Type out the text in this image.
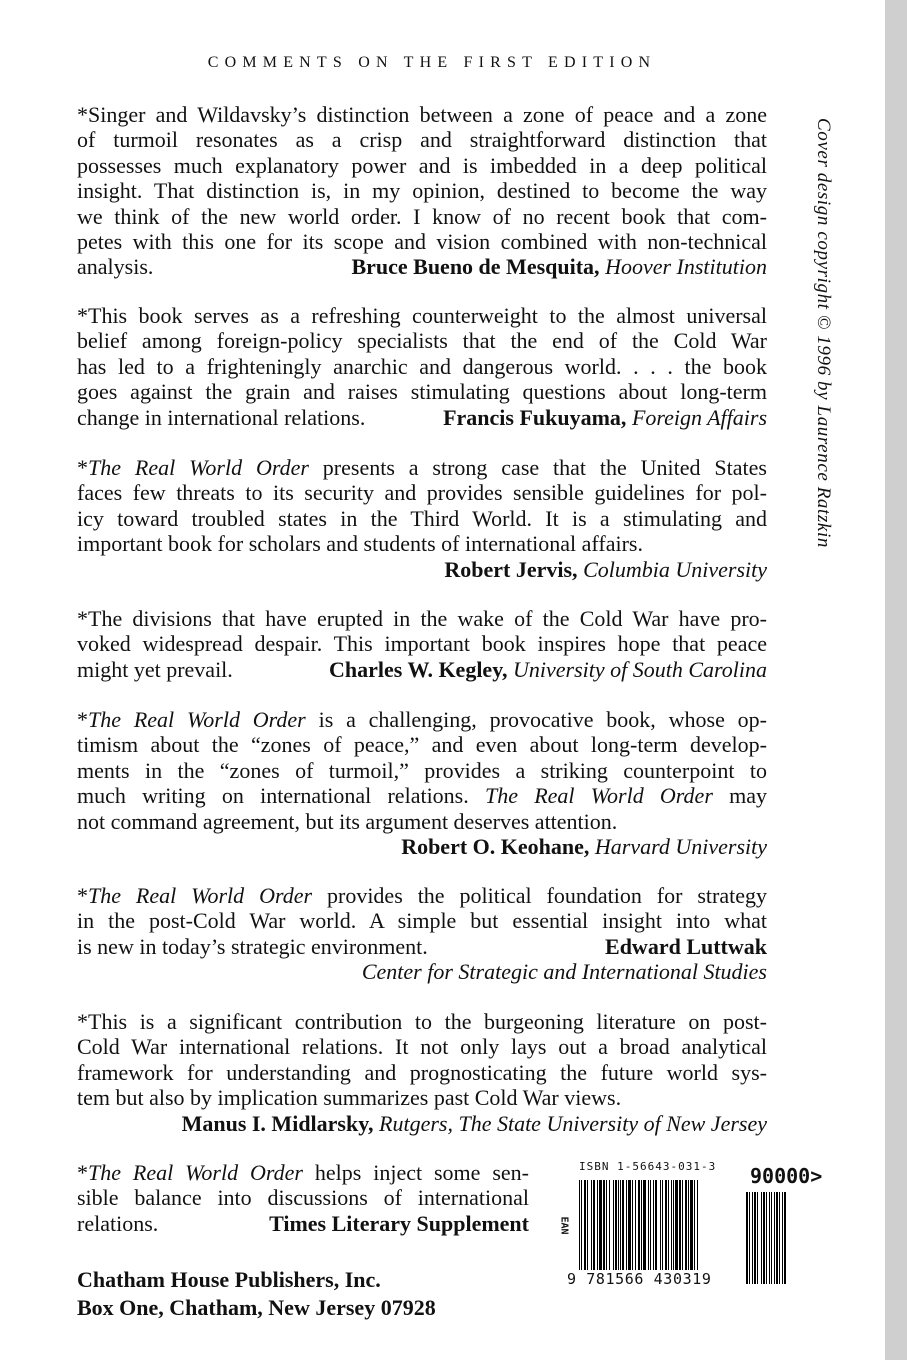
COMMENTS ON THE FIRST EDITION
Cover design copyright © 1996 by Laurence Ratzkin
*Singer and Wildavsky’s distinction between a zone of peace and a zone
of turmoil resonates as a crisp and straightforward distinction that
possesses much explanatory power and is imbedded in a deep political
insight. That distinction is, in my opinion, destined to become the way
we think of the new world order. I know of no recent book that com-
petes with this one for its scope and vision combined with non-technical
analysis.	Bruce Bueno de Mesquita, Hoover Institution
*This book serves as a refreshing counterweight to the almost universal
belief among foreign-policy specialists that the end of the Cold War
has led to a frighteningly anarchic and dangerous world. . . . the book
goes against the grain and raises stimulating questions about long-term
change in international relations.	Francis Fukuyama, Foreign Affairs
*The Real World Order presents a strong case that the United States
faces few threats to its security and provides sensible guidelines for pol-
icy toward troubled states in the Third World. It is a stimulating and
important book for scholars and students of international affairs.
Robert Jervis, Columbia University
*The divisions that have erupted in the wake of the Cold War have pro-
voked widespread despair. This important book inspires hope that peace
might yet prevail.	Charles W. Kegley, University of South Carolina
*The Real World Order is a challenging, provocative book, whose op-
timism about the “zones of peace,” and even about long-term develop-
ments in the “zones of turmoil,” provides a striking counterpoint to
much writing on international relations. The Real World Order may
not command agreement, but its argument deserves attention.
Robert O. Keohane, Harvard University
*The Real World Order provides the political foundation for strategy
in the post-Cold War world. A simple but essential insight into what
is new in today’s strategic environment.	Edward Luttwak
Center for Strategic and International Studies
*This is a significant contribution to the burgeoning literature on post-
Cold War international relations. It not only lays out a broad analytical
framework for understanding and prognosticating the future world sys-
tem but also by implication summarizes past Cold War views.
Manus I. Midlarsky, Rutgers, The State University of New Jersey
*The Real World Order helps inject some sen-
sible balance into discussions of international
relations.	Times Literary Supplement
Chatham House Publishers, Inc.
Box One, Chatham, New Jersey 07928
ISBN 1-56643-031-3
EAN
90000>
9 781566 430319
